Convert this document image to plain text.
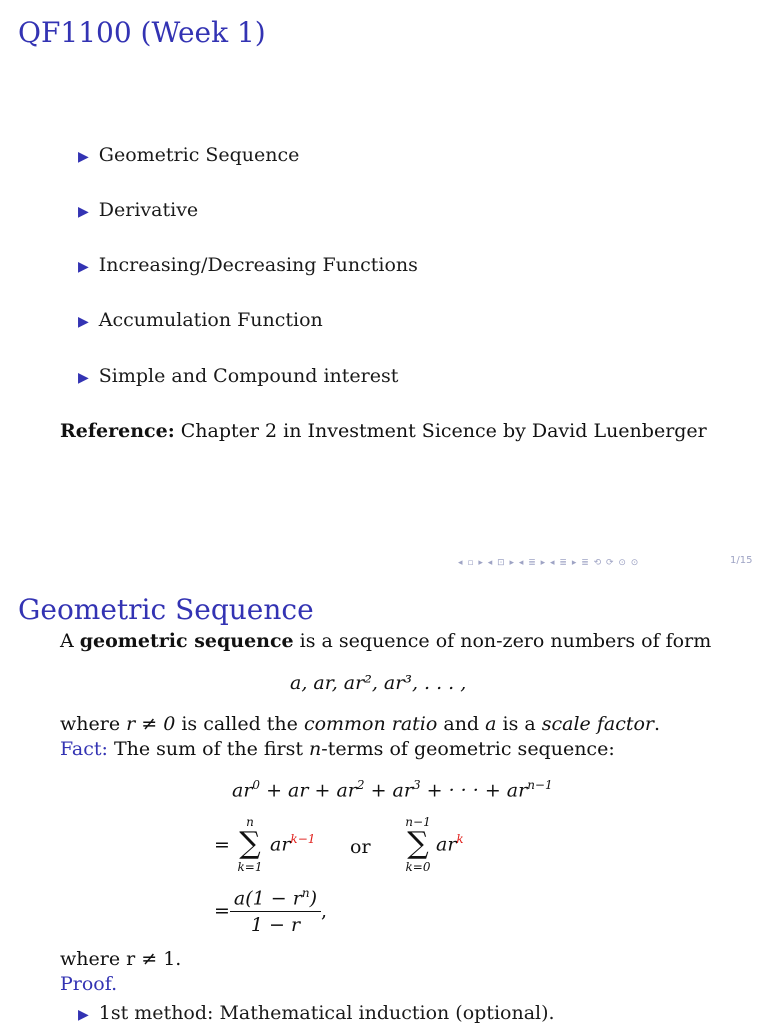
QF1100 (Week 1)
▶ Geometric Sequence
▶ Derivative
▶ Increasing/Decreasing Functions
▶ Accumulation Function
▶ Simple and Compound interest
Reference: Chapter 2 in Investment Sicence by David Luenberger
◂ ▫ ▸ ◂ ⊡ ▸ ◂ ≣ ▸ ◂ ≣ ▸ ≣ ⟲ ⟳ ⊙ ⊙	1/15
Geometric Sequence
A geometric sequence is a sequence of non-zero numbers of form
a, ar, ar², ar³, . . . ,
where r ≠ 0 is called the common ratio and a is a scale factor.
Fact: The sum of the first n-terms of geometric sequence:
$ar^0$ + ar + $ar^2 + ar^3$ + · · · + $ar^{n-1}$
=
n
∑
k=1
$ar^{k-1}$ or
n−1
∑
k=0
$ar^k$
= $\frac{a(1 - r^n)}{1 - r}$ ,
where r ≠ 1.
Proof.
▶ 1st method: Mathematical induction (optional).
